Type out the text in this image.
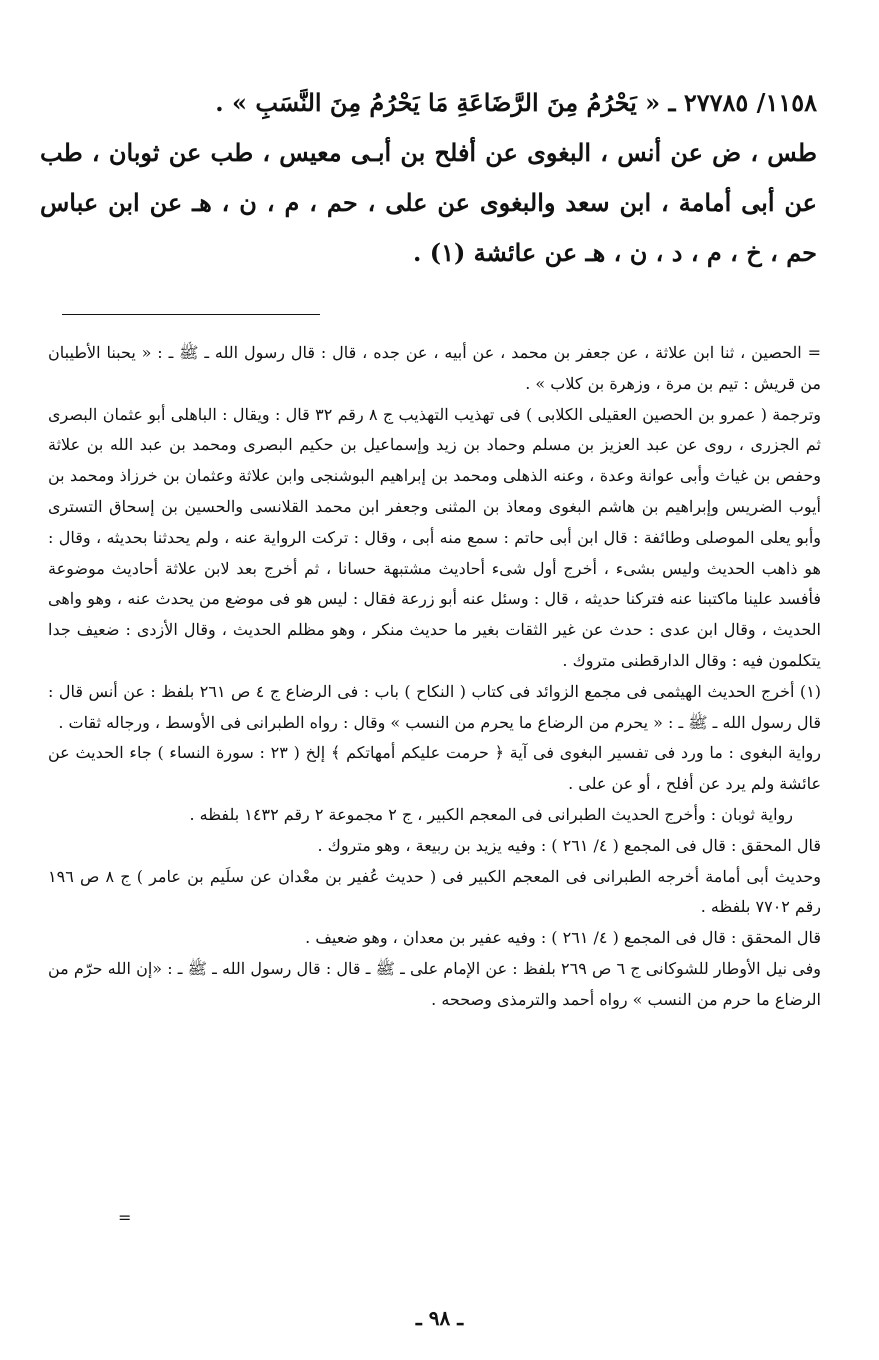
١١٥٨/ ٢٧٧٨٥ ـ « يَحْرُمُ مِنَ الرَّضَاعَةِ مَا يَحْرُمُ مِنَ النَّسَبِ » .

طس ، ض عن أنس ، البغوى عن أفلح بن أبـى معيس ، طب عن ثوبان ، طب عن أبى أمامة ، ابن سعد والبغوى عن على ، حم ، م ، ن ، هـ عن ابن عباس حم ، خ ، م ، د ، ن ، هـ عن عائشة (١) .

= الحصين ، ثنا ابن علاثة ، عن جعفر بن محمد ، عن أبيه ، عن جده ، قال : قال رسول الله ـ ﷺ ـ : « يحبنا الأطيبان من قريش : تيم بن مرة ، وزهرة بن كلاب » .

وترجمة ( عمرو بن الحصين العقيلى الكلابى ) فى تهذيب التهذيب ج ٨ رقم ٣٢ قال : ويقال : الباهلى أبو عثمان البصرى ثم الجزرى ، روى عن عبد العزيز بن مسلم وحماد بن زيد وإسماعيل بن حكيم البصرى ومحمد بن عبد الله بن علاثة وحفص بن غياث وأبى عوانة وعدة ، وعنه الذهلى ومحمد بن إبراهيم البوشنجى وابن علاثة وعثمان بن خرزاذ ومحمد بن أيوب الضريس وإبراهيم بن هاشم البغوى ومعاذ بن المثنى وجعفر ابن محمد القلانسى والحسين بن إسحاق التسترى وأبو يعلى الموصلى وطائفة : قال ابن أبى حاتم : سمع منه أبى ، وقال : تركت الرواية عنه ، ولم يحدثنا بحديثه ، وقال : هو ذاهب الحديث وليس بشىء ، أخرج أول شىء أحاديث مشتبهة حسانا ، ثم أخرج بعد لابن علاثة أحاديث موضوعة فأفسد علينا ماكتبنا عنه فتركنا حديثه ، قال : وسئل عنه أبو زرعة فقال : ليس هو فى موضع من يحدث عنه ، وهو واهى الحديث ، وقال ابن عدى : حدث عن غير الثقات بغير ما حديث منكر ، وهو مظلم الحديث ، وقال الأزدى : ضعيف جدا يتكلمون فيه : وقال الدارقطنى متروك .

(١) أخرج الحديث الهيثمى فى مجمع الزوائد فى كتاب ( النكاح ) باب : فى الرضاع ج ٤ ص ٢٦١ بلفظ : عن أنس قال : قال رسول الله ـ ﷺ ـ : « يحرم من الرضاع ما يحرم من النسب » وقال : رواه الطبرانى فى الأوسط ، ورجاله ثقات .

رواية البغوى : ما ورد فى تفسير البغوى فى آية ﴿ حرمت عليكم أمهاتكم ﴾ إلخ ( ٢٣ : سورة النساء ) جاء الحديث عن عائشة ولم يرد عن أفلح ، أو عن على .

رواية ثوبان : وأخرج الحديث الطبرانى فى المعجم الكبير ، ج ٢ مجموعة ٢ رقم ١٤٣٢ بلفظه .

قال المحقق : قال فى المجمع ( ٤/ ٢٦١ ) : وفيه يزيد بن ربيعة ، وهو متروك .

وحديث أبى أمامة أخرجه الطبرانى فى المعجم الكبير فى ( حديث عُفير بن معْدان عن سلَيم بن عامر ) ج ٨ ص ١٩٦ رقم ٧٧٠٢ بلفظه .

قال المحقق : قال فى المجمع ( ٤/ ٢٦١ ) : وفيه عفير بن معدان ، وهو ضعيف .

وفى نيل الأوطار للشوكانى ج ٦ ص ٢٦٩ بلفظ : عن الإمام على ـ ﷺ ـ قال : قال رسول الله ـ ﷺ ـ : «إن الله حرّم من الرضاع ما حرم من النسب » رواه أحمد والترمذى وصححه .

=
ـ ٩٨ ـ
